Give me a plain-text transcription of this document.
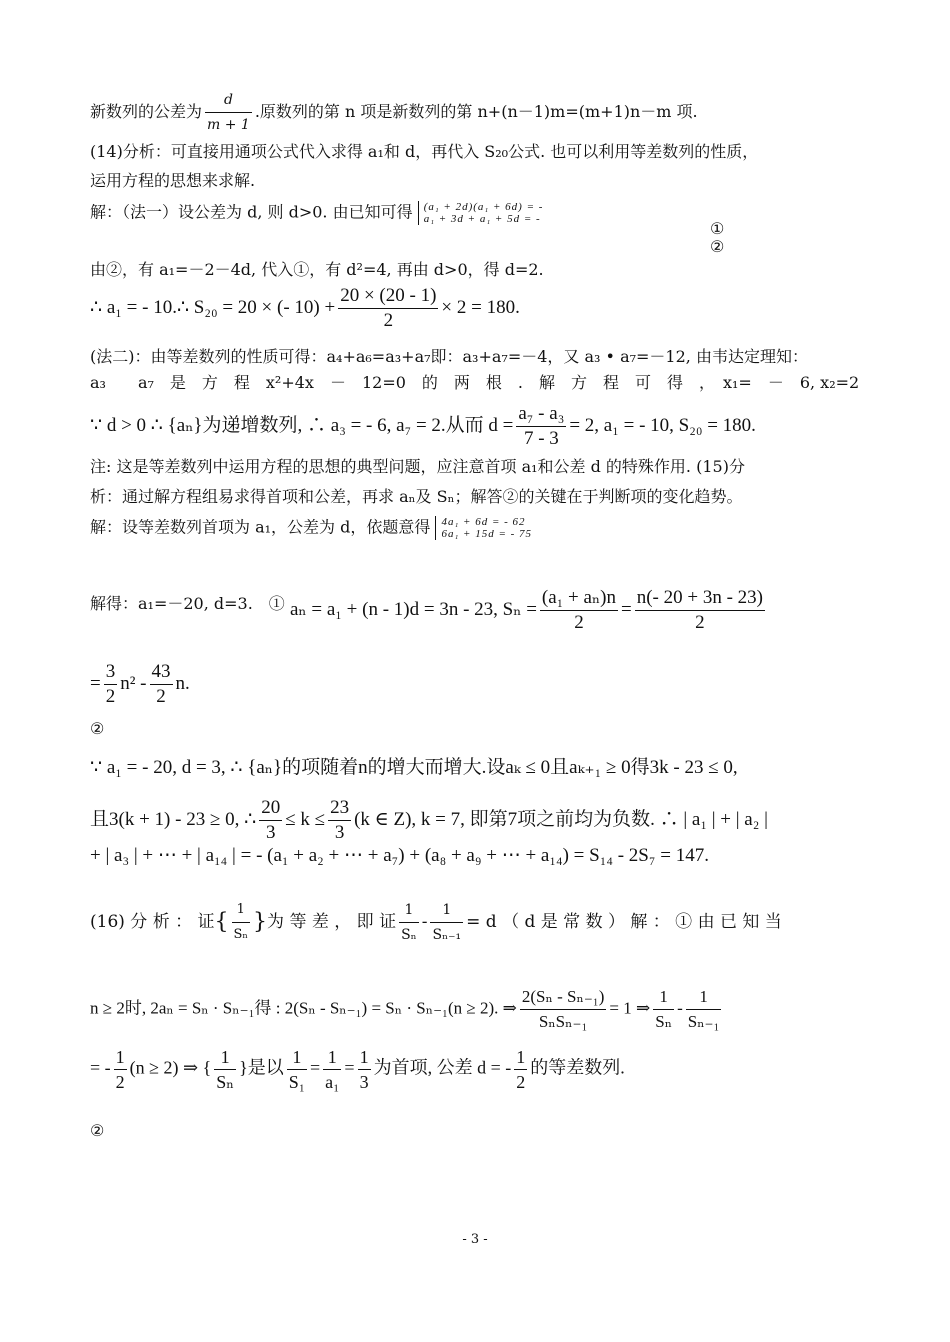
新数列的公差为 $\frac{d}{m + 1}$ .原数列的第 n 项是新数列的第 n+(n－1)m=(m+1)n－m 项.
(14)分析：可直接用通项公式代入求得 a₁和 d，再代入 S₂₀公式. 也可以利用等差数列的性质，
运用方程的思想来求解.
解：（法一）设公差为 d, 则 d>0. 由已知可得 (a₁ + 2d)(a₁ + 6d) = -
a₁ + 3d + a₁ + 5d = -	①
②
由②，有 a₁=－2－4d, 代入①，有 d²=4, 再由 d>0，得 d=2.
∴ a₁ = - 10.∴ S₂₀ = 20 × (- $10) + \frac{20 \times (20 - 1)}{2} \times 2 = 180$.
(法二)：由等差数列的性质可得：a₄+a₆=a₃+a₇即：a₃+a₇=－4，又 a₃ • a₇=－12, 由韦达定理知：
a₃　　a₇　是　方　程　x²+4x　－　12=0　的　两　根　.　解　方　程　可　得　，　x₁=　－　6, x₂=2
∵ d > 0 ∴ {aₙ}为递增数列, ∴ a₃ = - 6, a₇ = 2.从而 $d = \frac{\text{a₇ - a₃}}{7 - 3} = 2$, a₁ = - 10, S₂₀ = 180.
注: 这是等差数列中运用方程的思想的典型问题，应注意首项 a₁和公差 d 的特殊作用. (15)分
析：通过解方程组易求得首项和公差，再求 aₙ及 Sₙ；解答②的关键在于判断项的变化趋势。
解：设等差数列首项为 a₁，公差为 d，依题意得 4a₁ + 6d = - 62
6a₁ + 15d = - 75
解得：a₁=－20, d=3.　① aₙ = a₁ + (n - 1)d = 3n - 23, $S_n = \frac{\text{(a₁ + aₙ)n}}{2} = \frac{n(- 20 + 3n - 23)}{2}$
= $\frac{3}{2} n^2 - \frac{43}{2} n$.
②
∵ a₁ = - 20, d = 3, ∴ {aₙ}的项随着n的增大而增大.设aₖ ≤ 0且aₖ₊₁ ≥ 0得3k - 23 ≤ 0,
且3(k + 1) - 23 ≥ 0, ∴ $\frac{20}{3} \le k \le \frac{23}{3} (k$ ∈ Z), k = 7, 即第7项之前均为负数. ∴ | a₁ | + | a₂ |
+ | a₃ | + ⋯ + | a₁₄ | = - (a₁ + a₂ + ⋯ + a₇) + (a₈ + a₉ + ⋯ + a₁₄) = S₁₄ - 2S₇ = 147.
(16) 分 析 ： 证{ $\frac{1}{\text{Sₙ}}$ }为 等 差 ， 即 证 $\frac{1}{\text{Sₙ}} - \frac{1}{\text{Sₙ₋₁}} = d$ （ d 是 常 数 ） 解 ： ① 由 已 知 当
n ≥ 2时, 2aₙ = Sₙ · Sₙ₋₁得 : 2(Sₙ - Sₙ₋₁) = Sₙ · Sₙ₋₁(n ≥ 2). ⇒
2(Sₙ - Sₙ₋₁)
SₙSₙ₋₁
= 1 ⇒ $\frac{1}{\text{Sₙ}} - \frac{1}{\text{Sₙ₋₁}}$
= - $\frac{1}{2} (n \ge 2)$ ⇒ { $\frac{1}{\text{Sₙ}}$ }是以 $\frac{1}{\text{S₁}} = \frac{1}{\text{a₁}} = \frac{1}{3}$ 为首项, 公差 d = - $\frac{1}{2}$ 的等差数列.
②
- 3 -
